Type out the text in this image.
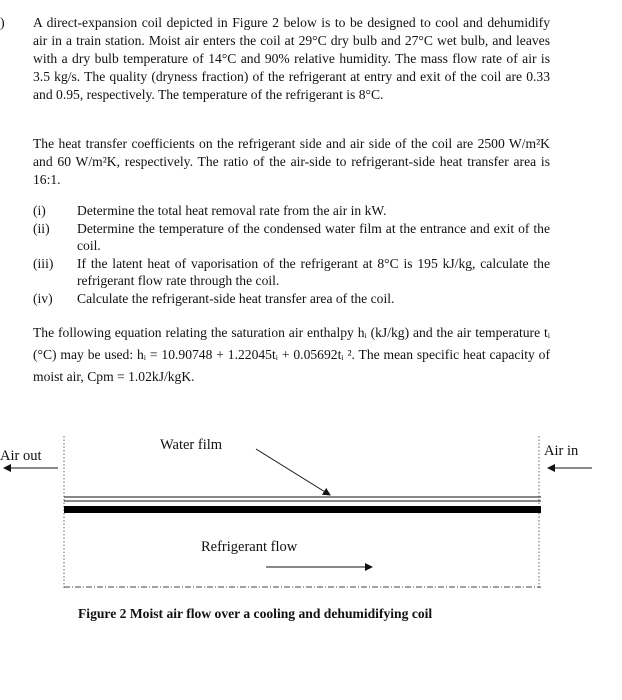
) A direct-expansion coil depicted in Figure 2 below is to be designed to cool and dehumidify air in a train station. Moist air enters the coil at 29°C dry bulb and 27°C wet bulb, and leaves with a dry bulb temperature of 14°C and 90% relative humidity. The mass flow rate of air is 3.5 kg/s. The quality (dryness fraction) of the refrigerant at entry and exit of the coil are 0.33 and 0.95, respectively. The temperature of the refrigerant is 8°C.
The heat transfer coefficients on the refrigerant side and air side of the coil are 2500 W/m²K and 60 W/m²K, respectively. The ratio of the air-side to refrigerant-side heat transfer area is 16:1.
(i)	Determine the total heat removal rate from the air in kW.
(ii)	Determine the temperature of the condensed water film at the entrance and exit of the coil.
(iii)	If the latent heat of vaporisation of the refrigerant at 8°C is 195 kJ/kg, calculate the refrigerant flow rate through the coil.
(iv)	Calculate the refrigerant-side heat transfer area of the coil.
The following equation relating the saturation air enthalpy hᵢ (kJ/kg) and the air temperature tᵢ (°C) may be used: hᵢ = 10.90748 + 1.22045tᵢ + 0.05692tᵢ ². The mean specific heat capacity of moist air, Cpm = 1.02kJ/kgK.
Air out	Air in
Water film
Refrigerant flow
Figure 2 Moist air flow over a cooling and dehumidifying coil
